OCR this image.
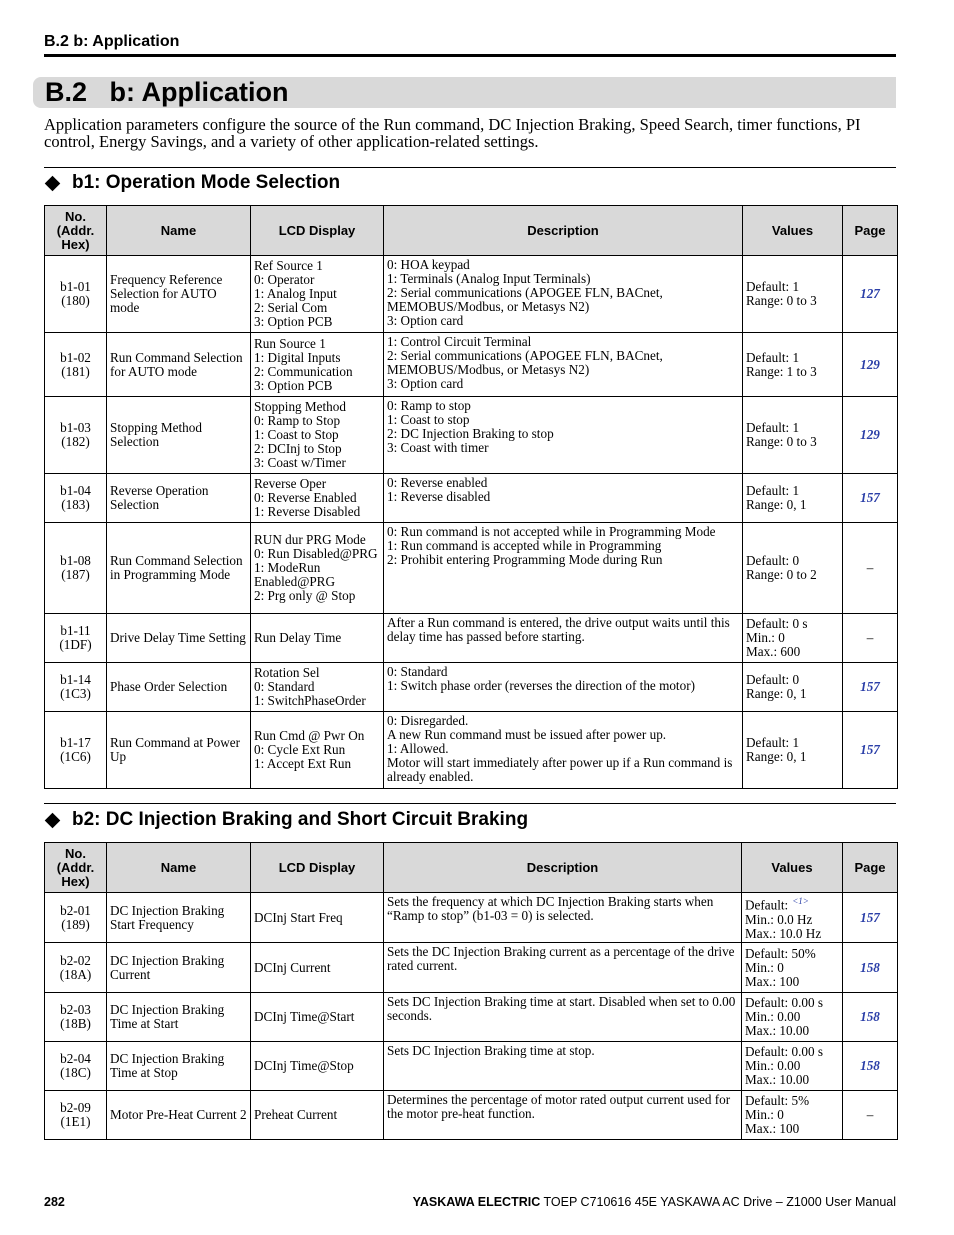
B.2 b: Application
B.2   b: Application
Application parameters configure the source of the Run command, DC Injection Braking, Speed Search, timer functions, PI control, Energy Savings, and a variety of other application-related settings.
b1: Operation Mode Selection
No.
(Addr.
Hex)	Name	LCD Display	Description	Values	Page

b1-01
(180)	Frequency Reference Selection for AUTO mode	Ref Source 1
0: Operator
1: Analog Input
2: Serial Com
3: Option PCB	0: HOA keypad
1: Terminals (Analog Input Terminals)
2: Serial communications (APOGEE FLN, BACnet, MEMOBUS/Modbus, or Metasys N2)
3: Option card	Default: 1
Range: 0 to 3	127

b1-02
(181)	Run Command Selection for AUTO mode	Run Source 1
1: Digital Inputs
2: Communication
3: Option PCB	1: Control Circuit Terminal
2: Serial communications (APOGEE FLN, BACnet, MEMOBUS/Modbus, or Metasys N2)
3: Option card	Default: 1
Range: 1 to 3	129

b1-03
(182)	Stopping Method Selection	Stopping Method
0: Ramp to Stop
1: Coast to Stop
2: DCInj to Stop
3: Coast w/Timer	0: Ramp to stop
1: Coast to stop
2: DC Injection Braking to stop
3: Coast with timer	Default: 1
Range: 0 to 3	129

b1-04
(183)	Reverse Operation Selection	Reverse Oper
0: Reverse Enabled
1: Reverse Disabled	0: Reverse enabled
1: Reverse disabled	Default: 1
Range: 0, 1	157

b1-08
(187)	Run Command Selection in Programming Mode	RUN dur PRG Mode
0: Run Disabled@PRG
1: ModeRun Enabled@PRG
2: Prg only @ Stop	0: Run command is not accepted while in Programming Mode
1: Run command is accepted while in Programming
2: Prohibit entering Programming Mode during Run	Default: 0
Range: 0 to 2	–

b1-11
(1DF)	Drive Delay Time Setting	Run Delay Time	After a Run command is entered, the drive output waits until this delay time has passed before starting.	Default: 0 s
Min.: 0
Max.: 600	–

b1-14
(1C3)	Phase Order Selection	Rotation Sel
0: Standard
1: SwitchPhaseOrder	0: Standard
1: Switch phase order (reverses the direction of the motor)	Default: 0
Range: 0, 1	157

b1-17
(1C6)	Run Command at Power Up	Run Cmd @ Pwr On
0: Cycle Ext Run
1: Accept Ext Run	0: Disregarded.
A new Run command must be issued after power up.
1: Allowed.
Motor will start immediately after power up if a Run command is already enabled.	Default: 1
Range: 0, 1	157
b2: DC Injection Braking and Short Circuit Braking
No.
(Addr.
Hex)	Name	LCD Display	Description	Values	Page

b2-01
(189)	DC Injection Braking Start Frequency	DCInj Start Freq	Sets the frequency at which DC Injection Braking starts when “Ramp to stop” (b1-03 = 0) is selected.	Default: $^{<1>}$
Min.: 0.0 Hz
Max.: 10.0 Hz	157

b2-02
(18A)	DC Injection Braking Current	DCInj Current	Sets the DC Injection Braking current as a percentage of the drive rated current.	Default: 50%
Min.: 0
Max.: 100	158

b2-03
(18B)	DC Injection Braking Time at Start	DCInj Time@Start	Sets DC Injection Braking time at start. Disabled when set to 0.00 seconds.	Default: 0.00 s
Min.: 0.00
Max.: 10.00	158

b2-04
(18C)	DC Injection Braking Time at Stop	DCInj Time@Stop	Sets DC Injection Braking time at stop.	Default: 0.00 s
Min.: 0.00
Max.: 10.00	158

b2-09
(1E1)	Motor Pre-Heat Current 2	Preheat Current	Determines the percentage of motor rated output current used for the motor pre-heat function.	Default: 5%
Min.: 0
Max.: 100	–
282	YASKAWA ELECTRIC TOEP C710616 45E YASKAWA AC Drive – Z1000 User Manual
